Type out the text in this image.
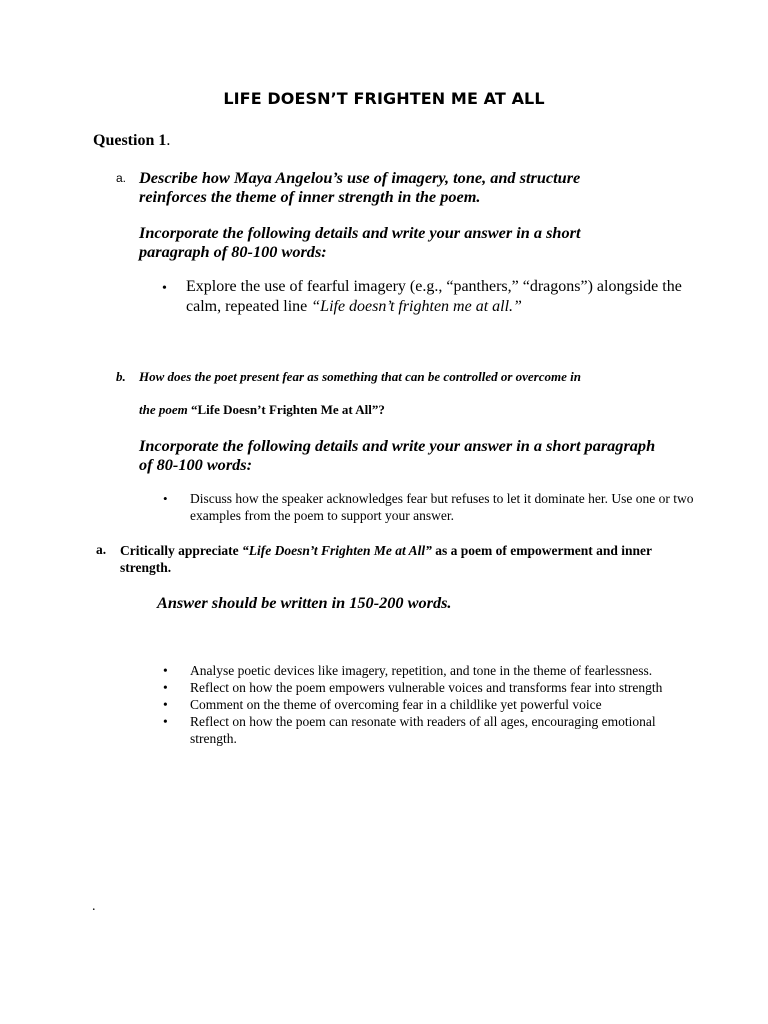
LIFE DOESN’T FRIGHTEN ME AT ALL
Question 1.
a. Describe how Maya Angelou’s use of imagery, tone, and structure reinforces the theme of inner strength in the poem.
Incorporate the following details and write your answer in a short paragraph of 80-100 words:
• Explore the use of fearful imagery (e.g., “panthers,” “dragons”) alongside the calm, repeated line “Life doesn’t frighten me at all.”
b. How does the poet present fear as something that can be controlled or overcome in
the poem “Life Doesn’t Frighten Me at All”?
Incorporate the following details and write your answer in a short paragraph of 80-100 words:
• Discuss how the speaker acknowledges fear but refuses to let it dominate her. Use one or two examples from the poem to support your answer.
a. Critically appreciate “Life Doesn’t Frighten Me at All” as a poem of empowerment and inner strength.
Answer should be written in 150-200 words.
• Analyse poetic devices like imagery, repetition, and tone in the theme of fearlessness.
• Reflect on how the poem empowers vulnerable voices and transforms fear into strength
• Comment on the theme of overcoming fear in a childlike yet powerful voice
• Reflect on how the poem can resonate with readers of all ages, encouraging emotional strength.
.
